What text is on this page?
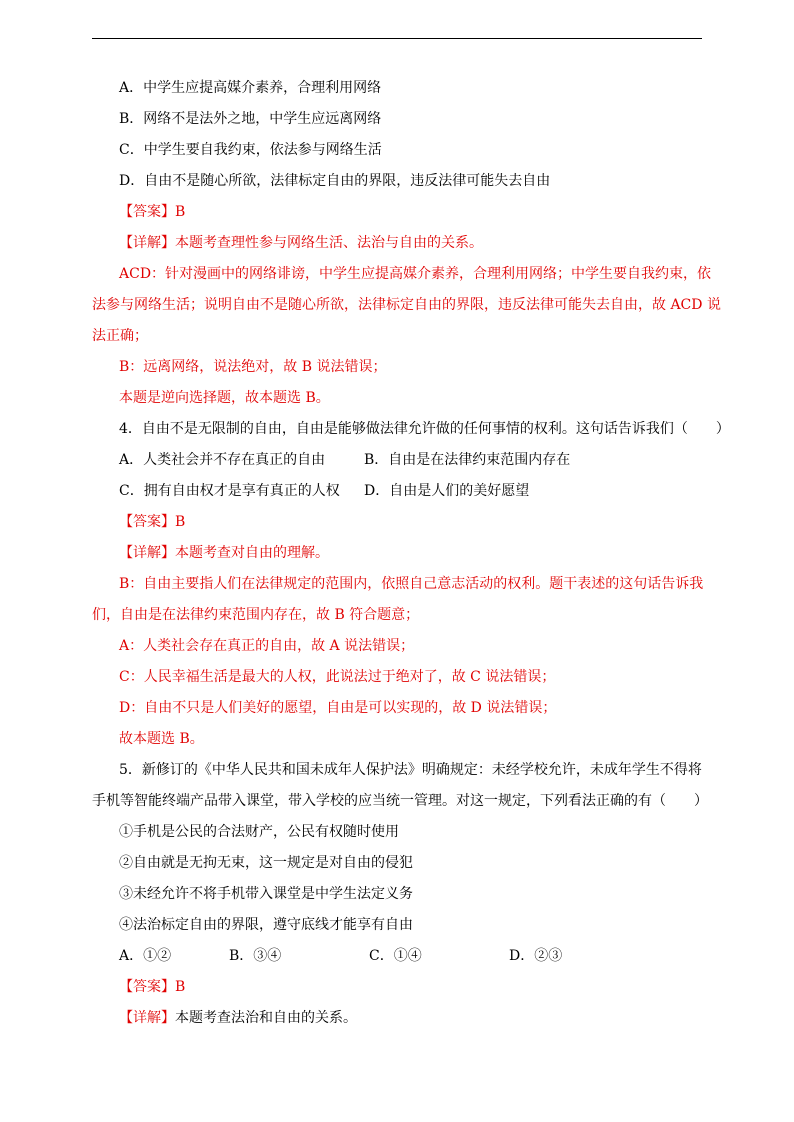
A．中学生应提高媒介素养，合理利用网络
B．网络不是法外之地，中学生应远离网络
C．中学生要自我约束，依法参与网络生活
D．自由不是随心所欲，法律标定自由的界限，违反法律可能失去自由
【答案】B
【详解】本题考查理性参与网络生活、法治与自由的关系。
ACD：针对漫画中的网络诽谤，中学生应提高媒介素养，合理利用网络；中学生要自我约束，依
法参与网络生活；说明自由不是随心所欲，法律标定自由的界限，违反法律可能失去自由，故 ACD 说
法正确；
B：远离网络，说法绝对，故 B 说法错误；
本题是逆向选择题，故本题选 B。
4．自由不是无限制的自由，自由是能够做法律允许做的任何事情的权利。这句话告诉我们（　　）
A．人类社会并不存在真正的自由	B．自由是在法律约束范围内存在
C．拥有自由权才是享有真正的人权	D．自由是人们的美好愿望
【答案】B
【详解】本题考查对自由的理解。
B：自由主要指人们在法律规定的范围内，依照自己意志活动的权利。题干表述的这句话告诉我
们，自由是在法律约束范围内存在，故 B 符合题意；
A：人类社会存在真正的自由，故 A 说法错误；
C：人民幸福生活是最大的人权，此说法过于绝对了，故 C 说法错误；
D：自由不只是人们美好的愿望，自由是可以实现的，故 D 说法错误；
故本题选 B。
5．新修订的《中华人民共和国未成年人保护法》明确规定：未经学校允许，未成年学生不得将
手机等智能终端产品带入课堂，带入学校的应当统一管理。对这一规定，下列看法正确的有（　　）
①手机是公民的合法财产，公民有权随时使用
②自由就是无拘无束，这一规定是对自由的侵犯
③未经允许不将手机带入课堂是中学生法定义务
④法治标定自由的界限，遵守底线才能享有自由
A．①②	B．③④	C．①④	D．②③
【答案】B
【详解】本题考查法治和自由的关系。
